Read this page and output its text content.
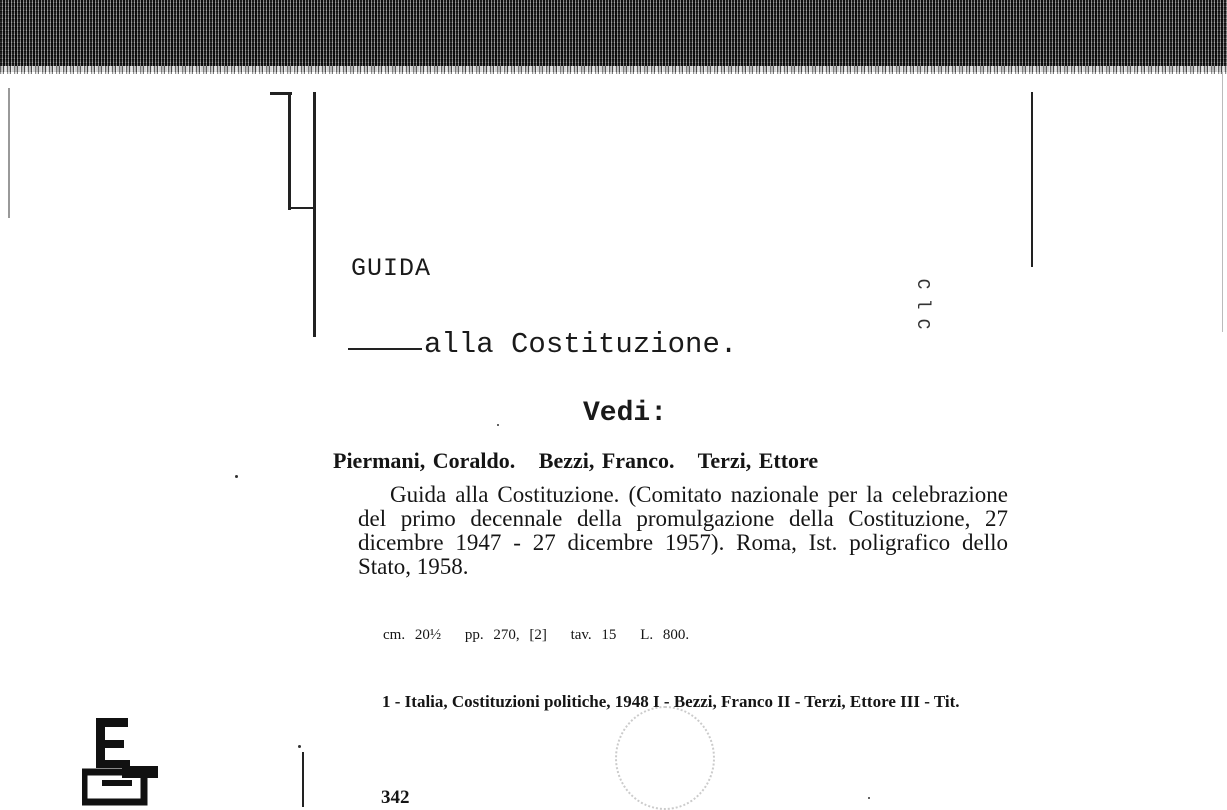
GUIDA
alla Costituzione.
C
l
C
Vedi:
Piermani, Coraldo. Bezzi, Franco. Terzi, Ettore
Guida alla Costituzione. (Comitato nazionale per la celebrazione del primo decennale della promulgazione della Costituzione, 27 dicembre 1947 - 27 dicembre 1957). Roma, Ist. poligrafico dello Stato, 1958.
cm. 20½ pp. 270, [2] tav. 15 L. 800.
1 - Italia, Costituzioni politiche, 1948 I - Bezzi, Franco II - Terzi, Ettore III - Tit.
342
